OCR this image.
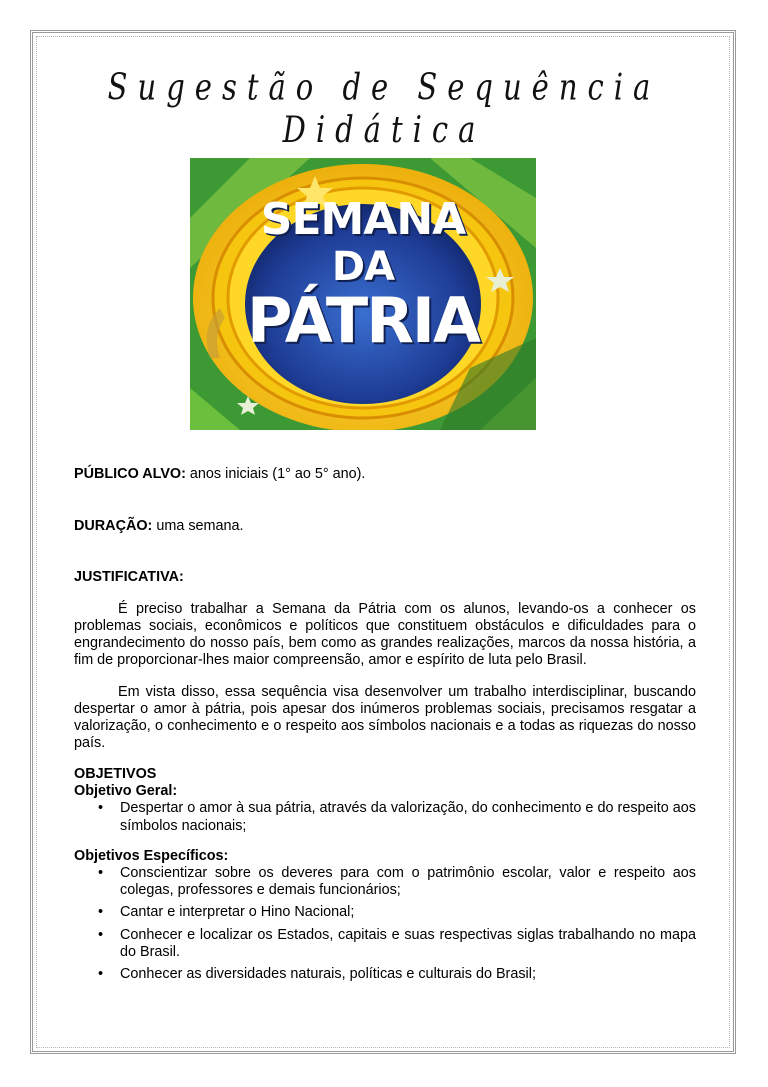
Sugestão de Sequência Didática
SEMANA
DA
PÁTRIA
PÚBLICO ALVO: anos iniciais (1° ao 5° ano).
DURAÇÃO: uma semana.
JUSTIFICATIVA:

É preciso trabalhar a Semana da Pátria com os alunos, levando-os a conhecer os problemas sociais, econômicos e políticos que constituem obstáculos e dificuldades para o engrandecimento do nosso país, bem como as grandes realizações, marcos da nossa história, a fim de proporcionar-lhes maior compreensão, amor e espírito de luta pelo Brasil.

Em vista disso, essa sequência visa desenvolver um trabalho interdisciplinar, buscando despertar o amor à pátria, pois apesar dos inúmeros problemas sociais, precisamos resgatar a valorização, o conhecimento e o respeito aos símbolos nacionais e a todas as riquezas do nosso país.

OBJETIVOS
Objetivo Geral:
• Despertar o amor à sua pátria, através da valorização, do conhecimento e do respeito aos símbolos nacionais;
Objetivos Específicos:
• Conscientizar sobre os deveres para com o patrimônio escolar, valor e respeito aos colegas, professores e demais funcionários;
• Cantar e interpretar o Hino Nacional;
• Conhecer e localizar os Estados, capitais e suas respectivas siglas trabalhando no mapa do Brasil.
• Conhecer as diversidades naturais, políticas e culturais do Brasil;
